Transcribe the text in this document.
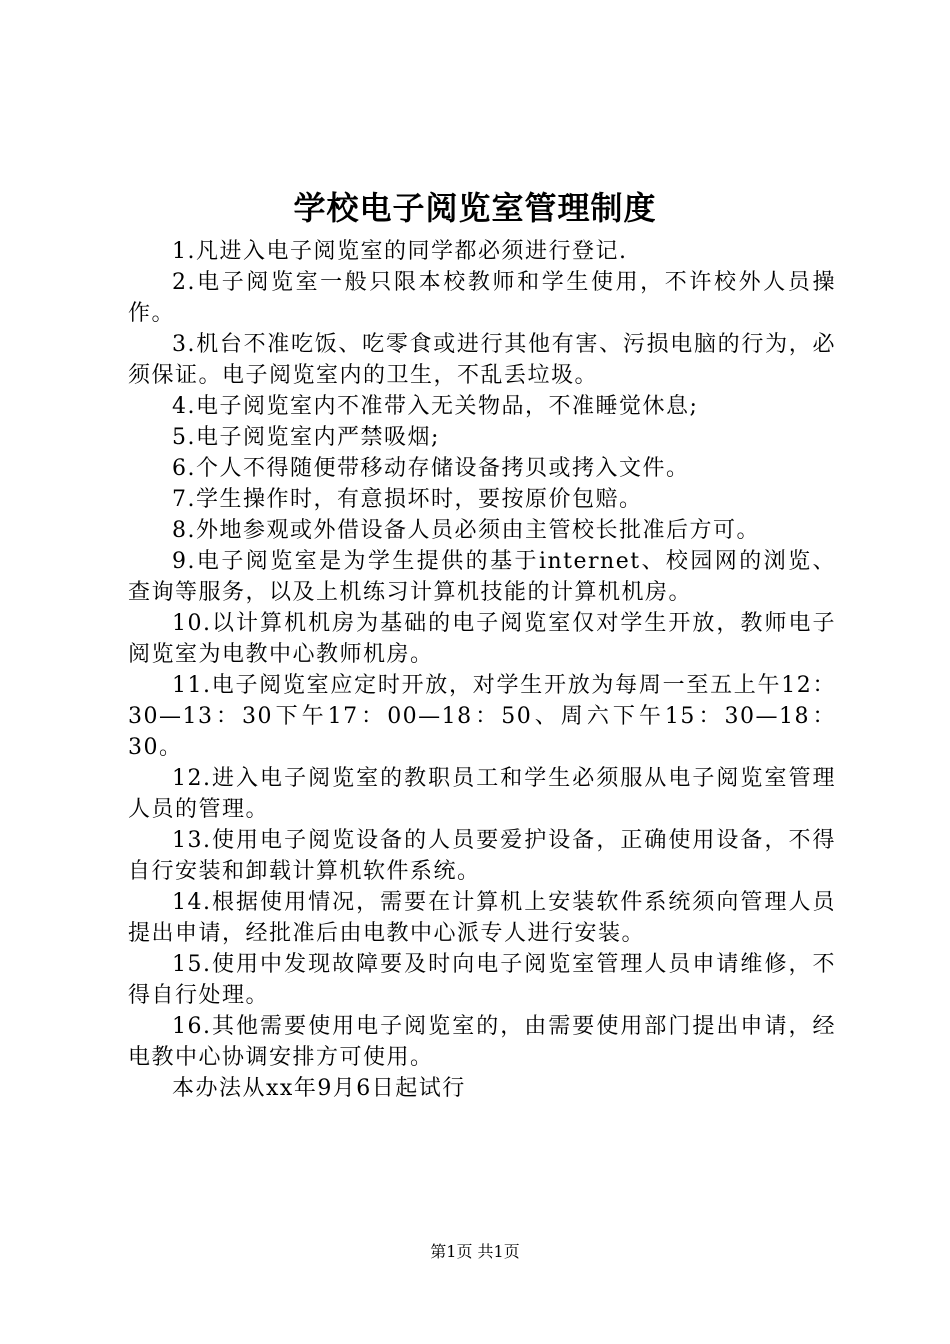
学校电子阅览室管理制度

1.凡进入电子阅览室的同学都必须进行登记.

2.电子阅览室一般只限本校教师和学生使用，不许校外人员操作。

3.机台不准吃饭、吃零食或进行其他有害、污损电脑的行为，必须保证。电子阅览室内的卫生，不乱丢垃圾。

4.电子阅览室内不准带入无关物品，不准睡觉休息;

5.电子阅览室内严禁吸烟;

6.个人不得随便带移动存储设备拷贝或拷入文件。

7.学生操作时，有意损坏时，要按原价包赔。

8.外地参观或外借设备人员必须由主管校长批准后方可。

9.电子阅览室是为学生提供的基于internet、校园网的浏览、查询等服务，以及上机练习计算机技能的计算机机房。

10.以计算机机房为基础的电子阅览室仅对学生开放，教师电子阅览室为电教中心教师机房。

11.电子阅览室应定时开放，对学生开放为每周一至五上午12：30—13：30下午17：00—18：50、周六下午15：30—18：30。

12.进入电子阅览室的教职员工和学生必须服从电子阅览室管理人员的管理。

13.使用电子阅览设备的人员要爱护设备，正确使用设备，不得自行安装和卸载计算机软件系统。

14.根据使用情况，需要在计算机上安装软件系统须向管理人员提出申请，经批准后由电教中心派专人进行安装。

15.使用中发现故障要及时向电子阅览室管理人员申请维修，不得自行处理。

16.其他需要使用电子阅览室的，由需要使用部门提出申请，经电教中心协调安排方可使用。

本办法从xx年9月6日起试行

第1页 共1页
